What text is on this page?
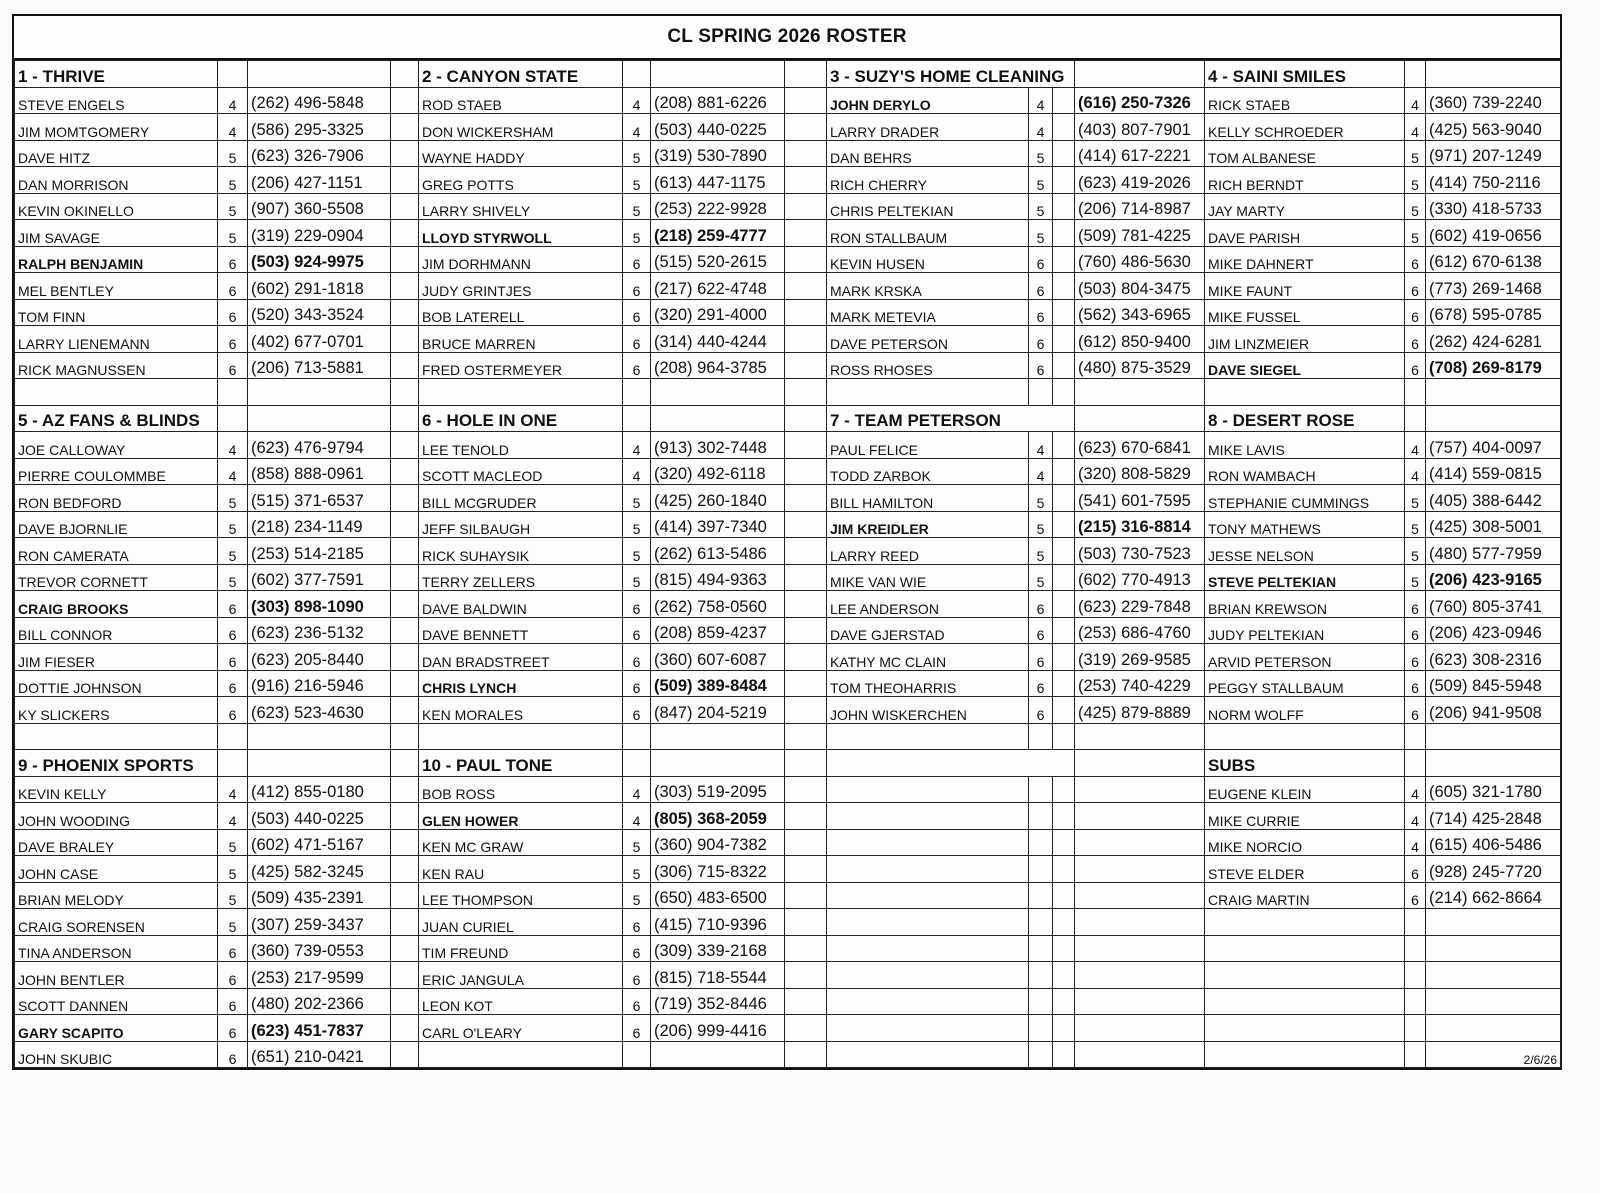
CL SPRING 2026 ROSTER
1 - THRIVE				2 - CANYON STATE				3 - SUZY'S HOME CLEANING				4 - SAINI SMILES		
STEVE ENGELS	4	(262) 496-5848		ROD STAEB	4	(208) 881-6226		JOHN DERYLO	4		(616) 250-7326	RICK STAEB	4	(360) 739-2240
JIM MOMTGOMERY	4	(586) 295-3325		DON WICKERSHAM	4	(503) 440-0225		LARRY DRADER	4		(403) 807-7901	KELLY SCHROEDER	4	(425) 563-9040
DAVE HITZ	5	(623) 326-7906		WAYNE HADDY	5	(319) 530-7890		DAN BEHRS	5		(414) 617-2221	TOM ALBANESE	5	(971) 207-1249
DAN MORRISON	5	(206) 427-1151		GREG POTTS	5	(613) 447-1175		RICH CHERRY	5		(623) 419-2026	RICH BERNDT	5	(414) 750-2116
KEVIN OKINELLO	5	(907) 360-5508		LARRY SHIVELY	5	(253) 222-9928		CHRIS PELTEKIAN	5		(206) 714-8987	JAY MARTY	5	(330) 418-5733
JIM SAVAGE	5	(319) 229-0904		LLOYD STYRWOLL	5	(218) 259-4777		RON STALLBAUM	5		(509) 781-4225	DAVE PARISH	5	(602) 419-0656
RALPH BENJAMIN	6	(503) 924-9975		JIM DORHMANN	6	(515) 520-2615		KEVIN HUSEN	6		(760) 486-5630	MIKE DAHNERT	6	(612) 670-6138
MEL BENTLEY	6	(602) 291-1818		JUDY GRINTJES	6	(217) 622-4748		MARK KRSKA	6		(503) 804-3475	MIKE FAUNT	6	(773) 269-1468
TOM FINN	6	(520) 343-3524		BOB LATERELL	6	(320) 291-4000		MARK METEVIA	6		(562) 343-6965	MIKE FUSSEL	6	(678) 595-0785
LARRY LIENEMANN	6	(402) 677-0701		BRUCE MARREN	6	(314) 440-4244		DAVE PETERSON	6		(612) 850-9400	JIM LINZMEIER	6	(262) 424-6281
RICK MAGNUSSEN	6	(206) 713-5881		FRED OSTERMEYER	6	(208) 964-3785		ROSS RHOSES	6		(480) 875-3529	DAVE SIEGEL	6	(708) 269-8179

5 - AZ FANS & BLINDS				6 - HOLE IN ONE				7 - TEAM PETERSON				8 - DESERT ROSE		
JOE CALLOWAY	4	(623) 476-9794		LEE TENOLD	4	(913) 302-7448		PAUL FELICE	4		(623) 670-6841	MIKE LAVIS	4	(757) 404-0097
PIERRE COULOMMBE	4	(858) 888-0961		SCOTT MACLEOD	4	(320) 492-6118		TODD ZARBOK	4		(320) 808-5829	RON WAMBACH	4	(414) 559-0815
RON BEDFORD	5	(515) 371-6537		BILL MCGRUDER	5	(425) 260-1840		BILL HAMILTON	5		(541) 601-7595	STEPHANIE CUMMINGS	5	(405) 388-6442
DAVE BJORNLIE	5	(218) 234-1149		JEFF SILBAUGH	5	(414) 397-7340		JIM KREIDLER	5		(215) 316-8814	TONY MATHEWS	5	(425) 308-5001
RON CAMERATA	5	(253) 514-2185		RICK SUHAYSIK	5	(262) 613-5486		LARRY REED	5		(503) 730-7523	JESSE NELSON	5	(480) 577-7959
TREVOR CORNETT	5	(602) 377-7591		TERRY ZELLERS	5	(815) 494-9363		MIKE VAN WIE	5		(602) 770-4913	STEVE PELTEKIAN	5	(206) 423-9165
CRAIG BROOKS	6	(303) 898-1090		DAVE BALDWIN	6	(262) 758-0560		LEE ANDERSON	6		(623) 229-7848	BRIAN KREWSON	6	(760) 805-3741
BILL CONNOR	6	(623) 236-5132		DAVE BENNETT	6	(208) 859-4237		DAVE GJERSTAD	6		(253) 686-4760	JUDY PELTEKIAN	6	(206) 423-0946
JIM FIESER	6	(623) 205-8440		DAN BRADSTREET	6	(360) 607-6087		KATHY MC CLAIN	6		(319) 269-9585	ARVID PETERSON	6	(623) 308-2316
DOTTIE JOHNSON	6	(916) 216-5946		CHRIS LYNCH	6	(509) 389-8484		TOM THEOHARRIS	6		(253) 740-4229	PEGGY STALLBAUM	6	(509) 845-5948
KY SLICKERS	6	(623) 523-4630		KEN MORALES	6	(847) 204-5219		JOHN WISKERCHEN	6		(425) 879-8889	NORM WOLFF	6	(206) 941-9508

9 - PHOENIX SPORTS				10 - PAUL TONE								SUBS		
KEVIN KELLY	4	(412) 855-0180		BOB ROSS	4	(303) 519-2095						EUGENE KLEIN	4	(605) 321-1780
JOHN WOODING	4	(503) 440-0225		GLEN HOWER	4	(805) 368-2059						MIKE CURRIE	4	(714) 425-2848
DAVE BRALEY	5	(602) 471-5167		KEN MC GRAW	5	(360) 904-7382						MIKE NORCIO	4	(615) 406-5486
JOHN CASE	5	(425) 582-3245		KEN RAU	5	(306) 715-8322						STEVE ELDER	6	(928) 245-7720
BRIAN MELODY	5	(509) 435-2391		LEE THOMPSON	5	(650) 483-6500						CRAIG MARTIN	6	(214) 662-8664
CRAIG SORENSEN	5	(307) 259-3437		JUAN CURIEL	6	(415) 710-9396								
TINA ANDERSON	6	(360) 739-0553		TIM FREUND	6	(309) 339-2168								
JOHN BENTLER	6	(253) 217-9599		ERIC JANGULA	6	(815) 718-5544								
SCOTT DANNEN	6	(480) 202-2366		LEON KOT	6	(719) 352-8446								
GARY SCAPITO	6	(623) 451-7837		CARL O'LEARY	6	(206) 999-4416								
JOHN SKUBIC	6	(651) 210-0421												2/6/26
